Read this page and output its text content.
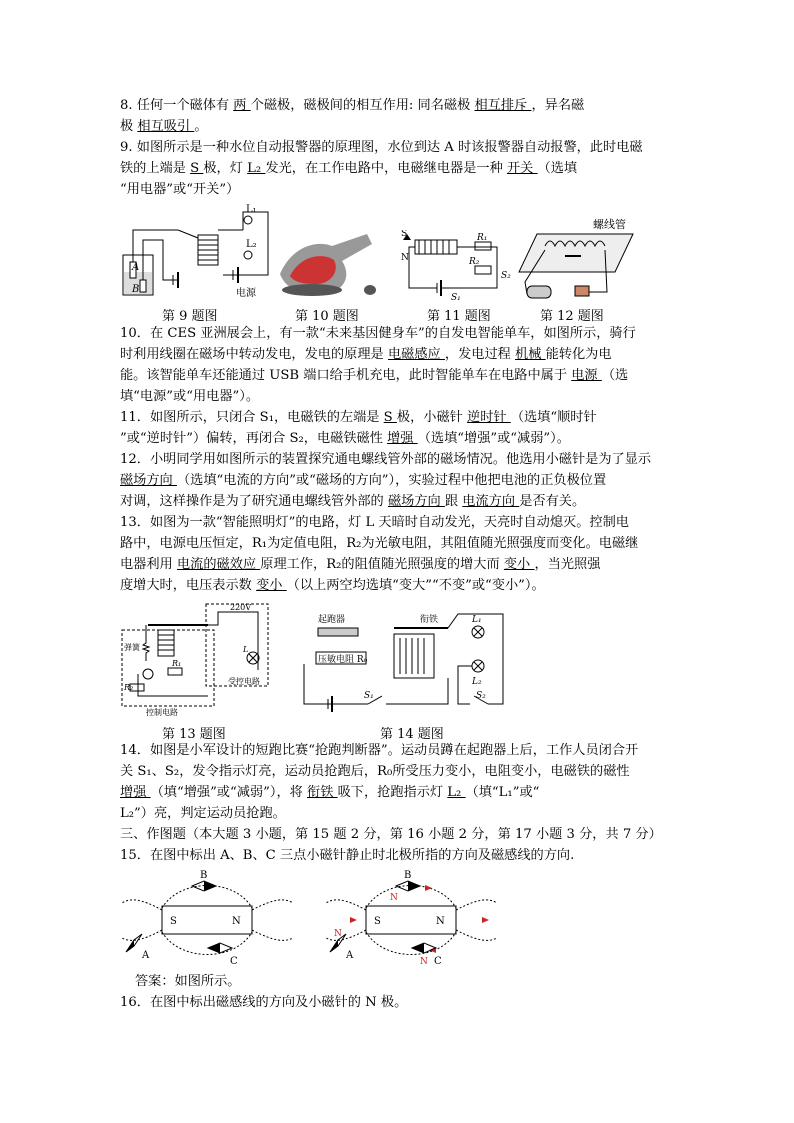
8. 任何一个磁体有 两 个磁极，磁极间的相互作用: 同名磁极 相互排斥 ，异名磁
极 相互吸引 。
9. 如图所示是一种水位自动报警器的原理图，水位到达 A 时该报警器自动报警，此时电磁
铁的上端是 S 极，灯 L₂ 发光，在工作电路中，电磁继电器是一种 开关 （选填
“用电器”或“开关”）
L₁
L₂
A
B	电源
S
N
R₁
R₂
S₁
S₂
螺线管
第 9 题图	第 10 题图	第 11 题图	第 12 题图
10．在 CES 亚洲展会上，有一款“未来基因健身车”的自发电智能单车，如图所示，骑行
时利用线圈在磁场中转动发电，发电的原理是 电磁感应 ，发电过程 机械 能转化为电
能。该智能单车还能通过 USB 端口给手机充电，此时智能单车在电路中属于 电源 （选
填“电源”或“用电器”）。
11．如图所示，只闭合 S₁，电磁铁的左端是 S 极，小磁针 逆时针 （选填“顺时针
”或“逆时针”）偏转，再闭合 S₂，电磁铁磁性 增强 （选填“增强”或“减弱”）。
12．小明同学用如图所示的装置探究通电螺线管外部的磁场情况。他选用小磁针是为了显示
磁场方向 （选填“电流的方向”或“磁场的方向”），实验过程中他把电池的正负极位置
对调，这样操作是为了研究通电螺线管外部的 磁场方向 跟 电流方向 是否有关。
13．如图为一款“智能照明灯”的电路，灯 L 天暗时自动发光，天亮时自动熄灭。控制电
路中，电源电压恒定，R₁为定值电阻，R₂为光敏电阻，其阻值随光照强度而变化。电磁继
电器利用 电流的磁效应 原理工作，R₂的阻值随光照强度的增大而 变小 ，当光照强
度增大时，电压表示数 变小 （以上两空均选填“变大”“不变”或“变小”）。
弹簧
220V
R₁
R₂
L
控制电路
受控电路
起跑器
压敏电阻 R₀
衔铁
S₁	S₂
L₁
L₂
第 13 题图	第 14 题图
14．如图是小军设计的短跑比赛“抢跑判断器”。运动员蹲在起跑器上后，工作人员闭合开
关 S₁、S₂，发令指示灯亮，运动员抢跑后，R₀所受压力变小，电阻变小，电磁铁的磁性
增强 （填“增强”或“减弱”），将 衔铁 吸下，抢跑指示灯 L₂ （填“L₁”或“
L₂”）亮，判定运动员抢跑。
三、作图题（本大题 3 小题，第 15 题 2 分，第 16 小题 2 分，第 17 小题 3 分，共 7 分）
15．在图中标出 A、B、C 三点小磁针静止时北极所指的方向及磁感线的方向.
B
A
C
S	N
B
A
C
S	N
N
N
N
答案：如图所示。
16．在图中标出磁感线的方向及小磁针的 N 极。
